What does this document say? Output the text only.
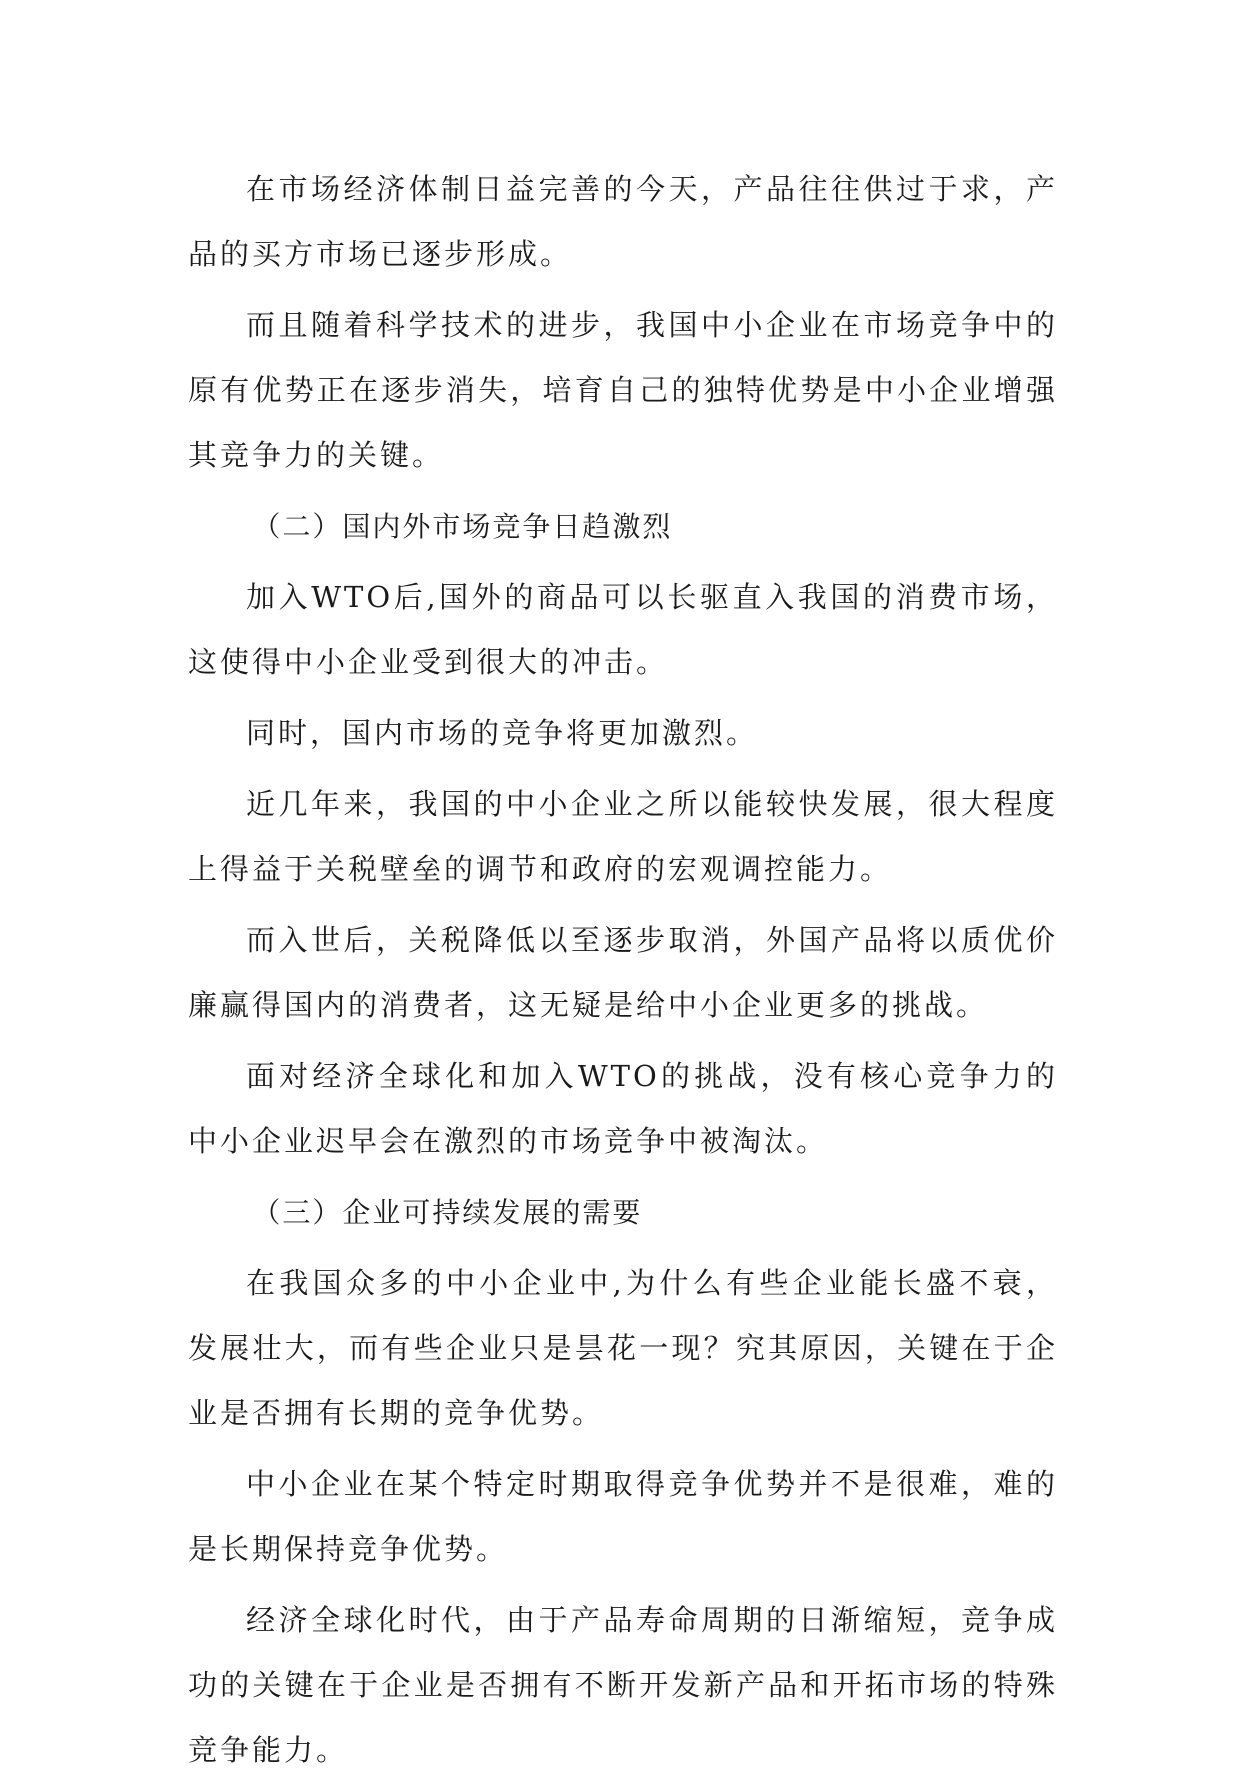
在市场经济体制日益完善的今天，产品往往供过于求，产品的买方市场已逐步形成。

而且随着科学技术的进步，我国中小企业在市场竞争中的原有优势正在逐步消失，培育自己的独特优势是中小企业增强其竞争力的关键。

（二）国内外市场竞争日趋激烈

加入WTO后,国外的商品可以长驱直入我国的消费市场，这使得中小企业受到很大的冲击。

同时，国内市场的竞争将更加激烈。

近几年来，我国的中小企业之所以能较快发展，很大程度上得益于关税壁垒的调节和政府的宏观调控能力。

而入世后，关税降低以至逐步取消，外国产品将以质优价廉赢得国内的消费者，这无疑是给中小企业更多的挑战。

面对经济全球化和加入WTO的挑战，没有核心竞争力的中小企业迟早会在激烈的市场竞争中被淘汰。

（三）企业可持续发展的需要

在我国众多的中小企业中,为什么有些企业能长盛不衰，发展壮大，而有些企业只是昙花一现？究其原因，关键在于企业是否拥有长期的竞争优势。

中小企业在某个特定时期取得竞争优势并不是很难，难的是长期保持竞争优势。

经济全球化时代，由于产品寿命周期的日渐缩短，竞争成功的关键在于企业是否拥有不断开发新产品和开拓市场的特殊竞争能力。
